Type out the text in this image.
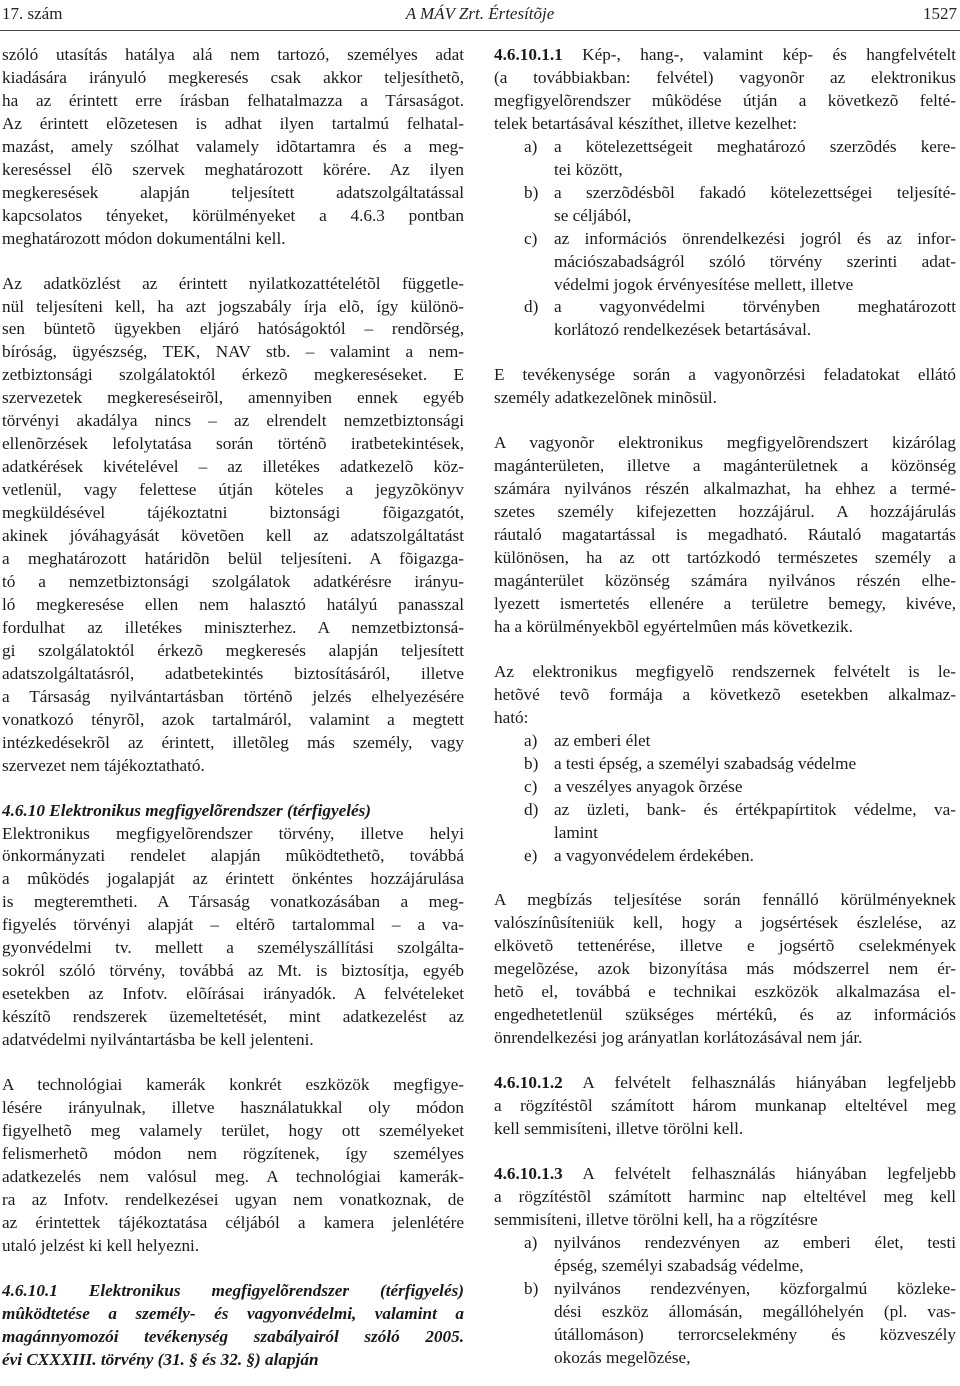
17. szám	A MÁV Zrt. Értesítõje	1527
szóló utasítás hatálya alá nem tartozó, személyes adat
kiadására irányuló megkeresés csak akkor teljesíthetõ,
ha az érintett erre írásban felhatalmazza a Társaságot.
Az érintett elõzetesen is adhat ilyen tartalmú felhatal-
mazást, amely szólhat valamely idõtartamra és a meg-
kereséssel élõ szervek meghatározott körére. Az ilyen
megkeresések alapján teljesített adatszolgáltatással
kapcsolatos tényeket, körülményeket a 4.6.3 pontban
meghatározott módon dokumentálni kell.
Az adatközlést az érintett nyilatkozattételétõl függetle-
nül teljesíteni kell, ha azt jogszabály írja elõ, így különö-
sen büntetõ ügyekben eljáró hatóságoktól – rendõrség,
bíróság, ügyészség, TEK, NAV stb. – valamint a nem-
zetbiztonsági szolgálatoktól érkezõ megkereséseket. E
szervezetek megkereséseirõl, amennyiben ennek egyéb
törvényi akadálya nincs – az elrendelt nemzetbiztonsági
ellenõrzések lefolytatása során történõ iratbetekintések,
adatkérések kivételével – az illetékes adatkezelõ köz-
vetlenül, vagy felettese útján köteles a jegyzõkönyv
megküldésével tájékoztatni biztonsági fõigazgatót,
akinek jóváhagyását követõen kell az adatszolgáltatást
a meghatározott határidõn belül teljesíteni. A fõigazga-
tó a nemzetbiztonsági szolgálatok adatkérésre irányu-
ló megkeresése ellen nem halasztó hatályú panasszal
fordulhat az illetékes miniszterhez. A nemzetbiztonsá-
gi szolgálatoktól érkezõ megkeresés alapján teljesített
adatszolgáltatásról, adatbetekintés biztosításáról, illetve
a Társaság nyilvántartásban történõ jelzés elhelyezésére
vonatkozó tényrõl, azok tartalmáról, valamint a megtett
intézkedésekrõl az érintett, illetõleg más személy, vagy
szervezet nem tájékoztatható.
4.6.10 Elektronikus megfigyelõrendszer (térfigyelés)
Elektronikus megfigyelõrendszer törvény, illetve helyi
önkormányzati rendelet alapján mûködtethetõ, továbbá
a mûködés jogalapját az érintett önkéntes hozzájárulása
is megteremtheti. A Társaság vonatkozásában a meg-
figyelés törvényi alapját – eltérõ tartalommal – a va-
gyonvédelmi tv. mellett a személyszállítási szolgálta-
sokról szóló törvény, továbbá az Mt. is biztosítja, egyéb
esetekben az Infotv. elõírásai irányadók. A felvételeket
készítõ rendszerek üzemeltetését, mint adatkezelést az
adatvédelmi nyilvántartásba be kell jelenteni.
A technológiai kamerák konkrét eszközök megfigye-
lésére irányulnak, illetve használatukkal oly módon
figyelhetõ meg valamely terület, hogy ott személyeket
felismerhetõ módon nem rögzítenek, így személyes
adatkezelés nem valósul meg. A technológiai kamerák-
ra az Infotv. rendelkezései ugyan nem vonatkoznak, de
az érintettek tájékoztatása céljából a kamera jelenlétére
utaló jelzést ki kell helyezni.
4.6.10.1 Elektronikus megfigyelõrendszer (térfigyelés)
mûködtetése a személy- és vagyonvédelmi, valamint a
magánnyomozói tevékenység szabályairól szóló 2005.
évi CXXXIII. törvény (31. § és 32. §) alapján
4.6.10.1.1 Kép-, hang-, valamint kép- és hangfelvételt
(a továbbiakban: felvétel) vagyonõr az elektronikus
megfigyelõrendszer mûködése útján a következõ felté-
telek betartásával készíthet, illetve kezelhet:
a) a kötelezettségeit meghatározó szerzõdés kere-
tei között,
b) a szerzõdésbõl fakadó kötelezettségei teljesíté-
se céljából,
c) az információs önrendelkezési jogról és az infor-
mációszabadságról szóló törvény szerinti adat-
védelmi jogok érvényesítése mellett, illetve
d) a vagyonvédelmi törvényben meghatározott
korlátozó rendelkezések betartásával.
E tevékenysége során a vagyonõrzési feladatokat ellátó
személy adatkezelõnek minõsül.
A vagyonõr elektronikus megfigyelõrendszert kizárólag
magánterületen, illetve a magánterületnek a közönség
számára nyilvános részén alkalmazhat, ha ehhez a termé-
szetes személy kifejezetten hozzájárul. A hozzájárulás
ráutaló magatartással is megadható. Ráutaló magatartás
különösen, ha az ott tartózkodó természetes személy a
magánterület közönség számára nyilvános részén elhe-
lyezett ismertetés ellenére a területre bemegy, kivéve,
ha a körülményekbõl egyértelmûen más következik.
Az elektronikus megfigyelõ rendszernek felvételt is le-
hetõvé tevõ formája a következõ esetekben alkalmaz-
ható:
a) az emberi élet
b) a testi épség, a személyi szabadság védelme
c) a veszélyes anyagok õrzése
d) az üzleti, bank- és értékpapírtitok védelme, va-
lamint
e) a vagyonvédelem érdekében.
A megbízás teljesítése során fennálló körülményeknek
valószínûsíteniük kell, hogy a jogsértések észlelése, az
elkövetõ tettenérése, illetve e jogsértõ cselekmények
megelõzése, azok bizonyítása más módszerrel nem ér-
hetõ el, továbbá e technikai eszközök alkalmazása el-
engedhetetlenül szükséges mértékû, és az információs
önrendelkezési jog arányatlan korlátozásával nem jár.
4.6.10.1.2 A felvételt felhasználás hiányában legfeljebb
a rögzítéstõl számított három munkanap elteltével meg
kell semmisíteni, illetve törölni kell.
4.6.10.1.3 A felvételt felhasználás hiányában legfeljebb
a rögzítéstõl számított harminc nap elteltével meg kell
semmisíteni, illetve törölni kell, ha a rögzítésre
a) nyilvános rendezvényen az emberi élet, testi
épség, személyi szabadság védelme,
b) nyilvános rendezvényen, közforgalmú közleke-
dési eszköz állomásán, megállóhelyén (pl. vas-
útállomáson) terrorcselekmény és közveszély
okozás megelõzése,
